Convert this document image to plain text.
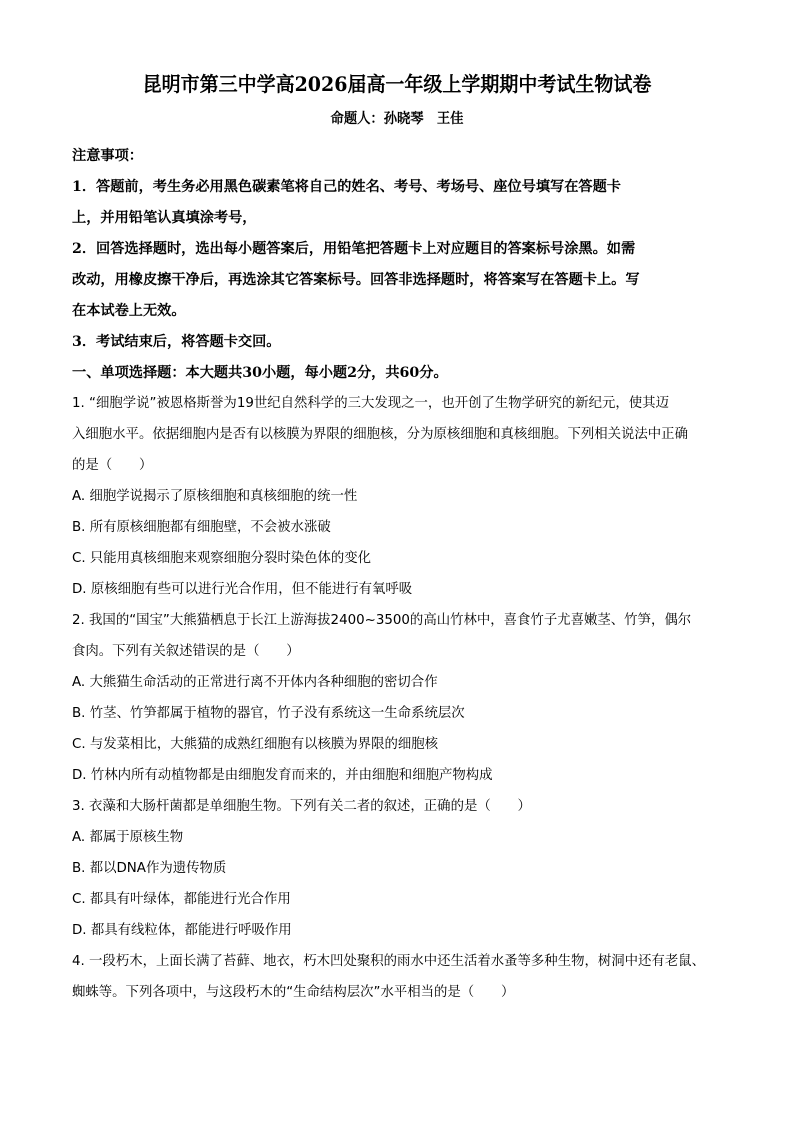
昆明市第三中学高2026届高一年级上学期期中考试生物试卷
命题人：孙晓琴　王佳
注意事项：
1．答题前，考生务必用黑色碳素笔将自己的姓名、考号、考场号、座位号填写在答题卡
上，并用铅笔认真填涂考号，
2．回答选择题时，选出每小题答案后，用铅笔把答题卡上对应题目的答案标号涂黑。如需
改动，用橡皮擦干净后，再选涂其它答案标号。回答非选择题时，将答案写在答题卡上。写
在本试卷上无效。
3．考试结束后，将答题卡交回。
一、单项选择题：本大题共30小题，每小题2分，共60分。
1. “细胞学说”被恩格斯誉为19世纪自然科学的三大发现之一，也开创了生物学研究的新纪元，使其迈
入细胞水平。依据细胞内是否有以核膜为界限的细胞核，分为原核细胞和真核细胞。下列相关说法中正确
的是（　　）
A. 细胞学说揭示了原核细胞和真核细胞的统一性
B. 所有原核细胞都有细胞壁，不会被水涨破
C. 只能用真核细胞来观察细胞分裂时染色体的变化
D. 原核细胞有些可以进行光合作用，但不能进行有氧呼吸
2. 我国的“国宝”大熊猫栖息于长江上游海拔2400~3500的高山竹林中，喜食竹子尤喜嫩茎、竹笋，偶尔
食肉。下列有关叙述错误的是（　　）
A. 大熊猫生命活动的正常进行离不开体内各种细胞的密切合作
B. 竹茎、竹笋都属于植物的器官，竹子没有系统这一生命系统层次
C. 与发菜相比，大熊猫的成熟红细胞有以核膜为界限的细胞核
D. 竹林内所有动植物都是由细胞发育而来的，并由细胞和细胞产物构成
3. 衣藻和大肠杆菌都是单细胞生物。下列有关二者的叙述，正确的是（　　）
A. 都属于原核生物
B. 都以DNA作为遗传物质
C. 都具有叶绿体，都能进行光合作用
D. 都具有线粒体，都能进行呼吸作用
4. 一段朽木，上面长满了苔藓、地衣，朽木凹处聚积的雨水中还生活着水蚤等多种生物，树洞中还有老鼠、
蜘蛛等。下列各项中，与这段朽木的“生命结构层次”水平相当的是（　　）
